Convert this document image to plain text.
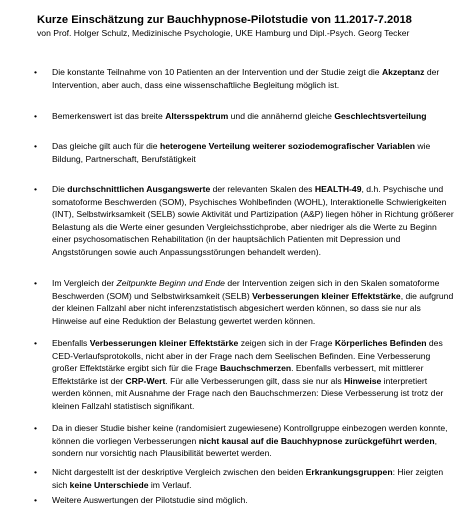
Kurze Einschätzung zur Bauchhypnose-Pilotstudie von 11.2017-7.2018
von Prof. Holger Schulz, Medizinische Psychologie, UKE Hamburg und Dipl.-Psych. Georg Tecker
• Die konstante Teilnahme von 10 Patienten an der Intervention und der Studie zeigt die Akzeptanz der Intervention, aber auch, dass eine wissenschaftliche Begleitung möglich ist.
• Bemerkenswert ist das breite Altersspektrum und die annähernd gleiche Geschlechtsverteilung
• Das gleiche gilt auch für die heterogene Verteilung weiterer soziodemografischer Variablen wie Bildung, Partnerschaft, Berufstätigkeit
• Die durchschnittlichen Ausgangswerte der relevanten Skalen des HEALTH-49, d.h. Psychische und somatoforme Beschwerden (SOM), Psychisches Wohlbefinden (WOHL), Interaktionelle Schwierigkeiten (INT), Selbstwirksamkeit (SELB) sowie Aktivität und Partizipation (A&P) liegen höher in Richtung größerer Belastung als die Werte einer gesunden Vergleichsstichprobe, aber niedriger als die Werte zu Beginn einer psychosomatischen Rehabilitation (in der hauptsächlich Patienten mit Depression und Angststörungen sowie auch Anpassungsstörungen behandelt werden).
• Im Vergleich der Zeitpunkte Beginn und Ende der Intervention zeigen sich in den Skalen somatoforme Beschwerden (SOM) und Selbstwirksamkeit (SELB) Verbesserungen kleiner Effektstärke, die aufgrund der kleinen Fallzahl aber nicht inferenzstatistisch abgesichert werden können, so dass sie nur als Hinweise auf eine Reduktion der Belastung gewertet werden können.
• Ebenfalls Verbesserungen kleiner Effektstärke zeigen sich in der Frage Körperliches Befinden des CED-Verlaufsprotokolls, nicht aber in der Frage nach dem Seelischen Befinden. Eine Verbesserung großer Effektstärke ergibt sich für die Frage Bauchschmerzen. Ebenfalls verbessert, mit mittlerer Effektstärke ist der CRP-Wert. Für alle Verbesserungen gilt, dass sie nur als Hinweise interpretiert werden können, mit Ausnahme der Frage nach den Bauchschmerzen: Diese Verbesserung ist trotz der kleinen Fallzahl statistisch signifikant.
• Da in dieser Studie bisher keine (randomisiert zugewiesene) Kontrollgruppe einbezogen werden konnte, können die vorliegen Verbesserungen nicht kausal auf die Bauchhypnose zurückgeführt werden, sondern nur vorsichtig nach Plausibilität bewertet werden.
• Nicht dargestellt ist der deskriptive Vergleich zwischen den beiden Erkrankungsgruppen: Hier zeigten sich keine Unterschiede im Verlauf.
• Weitere Auswertungen der Pilotstudie sind möglich.
